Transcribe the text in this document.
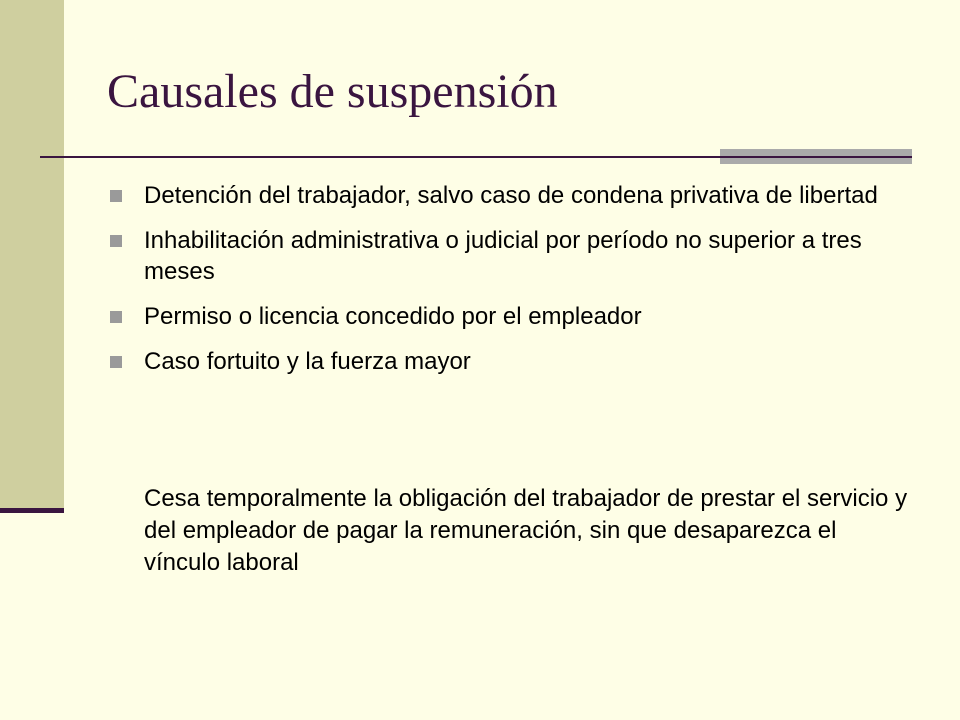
Causales de suspensión
Detención del trabajador, salvo caso de condena privativa de libertad
Inhabilitación administrativa o judicial por período no superior a tres meses
Permiso o licencia concedido por el empleador
Caso fortuito y la fuerza mayor

Cesa temporalmente la obligación del trabajador de prestar el servicio y del empleador de pagar la remuneración, sin que desaparezca el vínculo laboral
